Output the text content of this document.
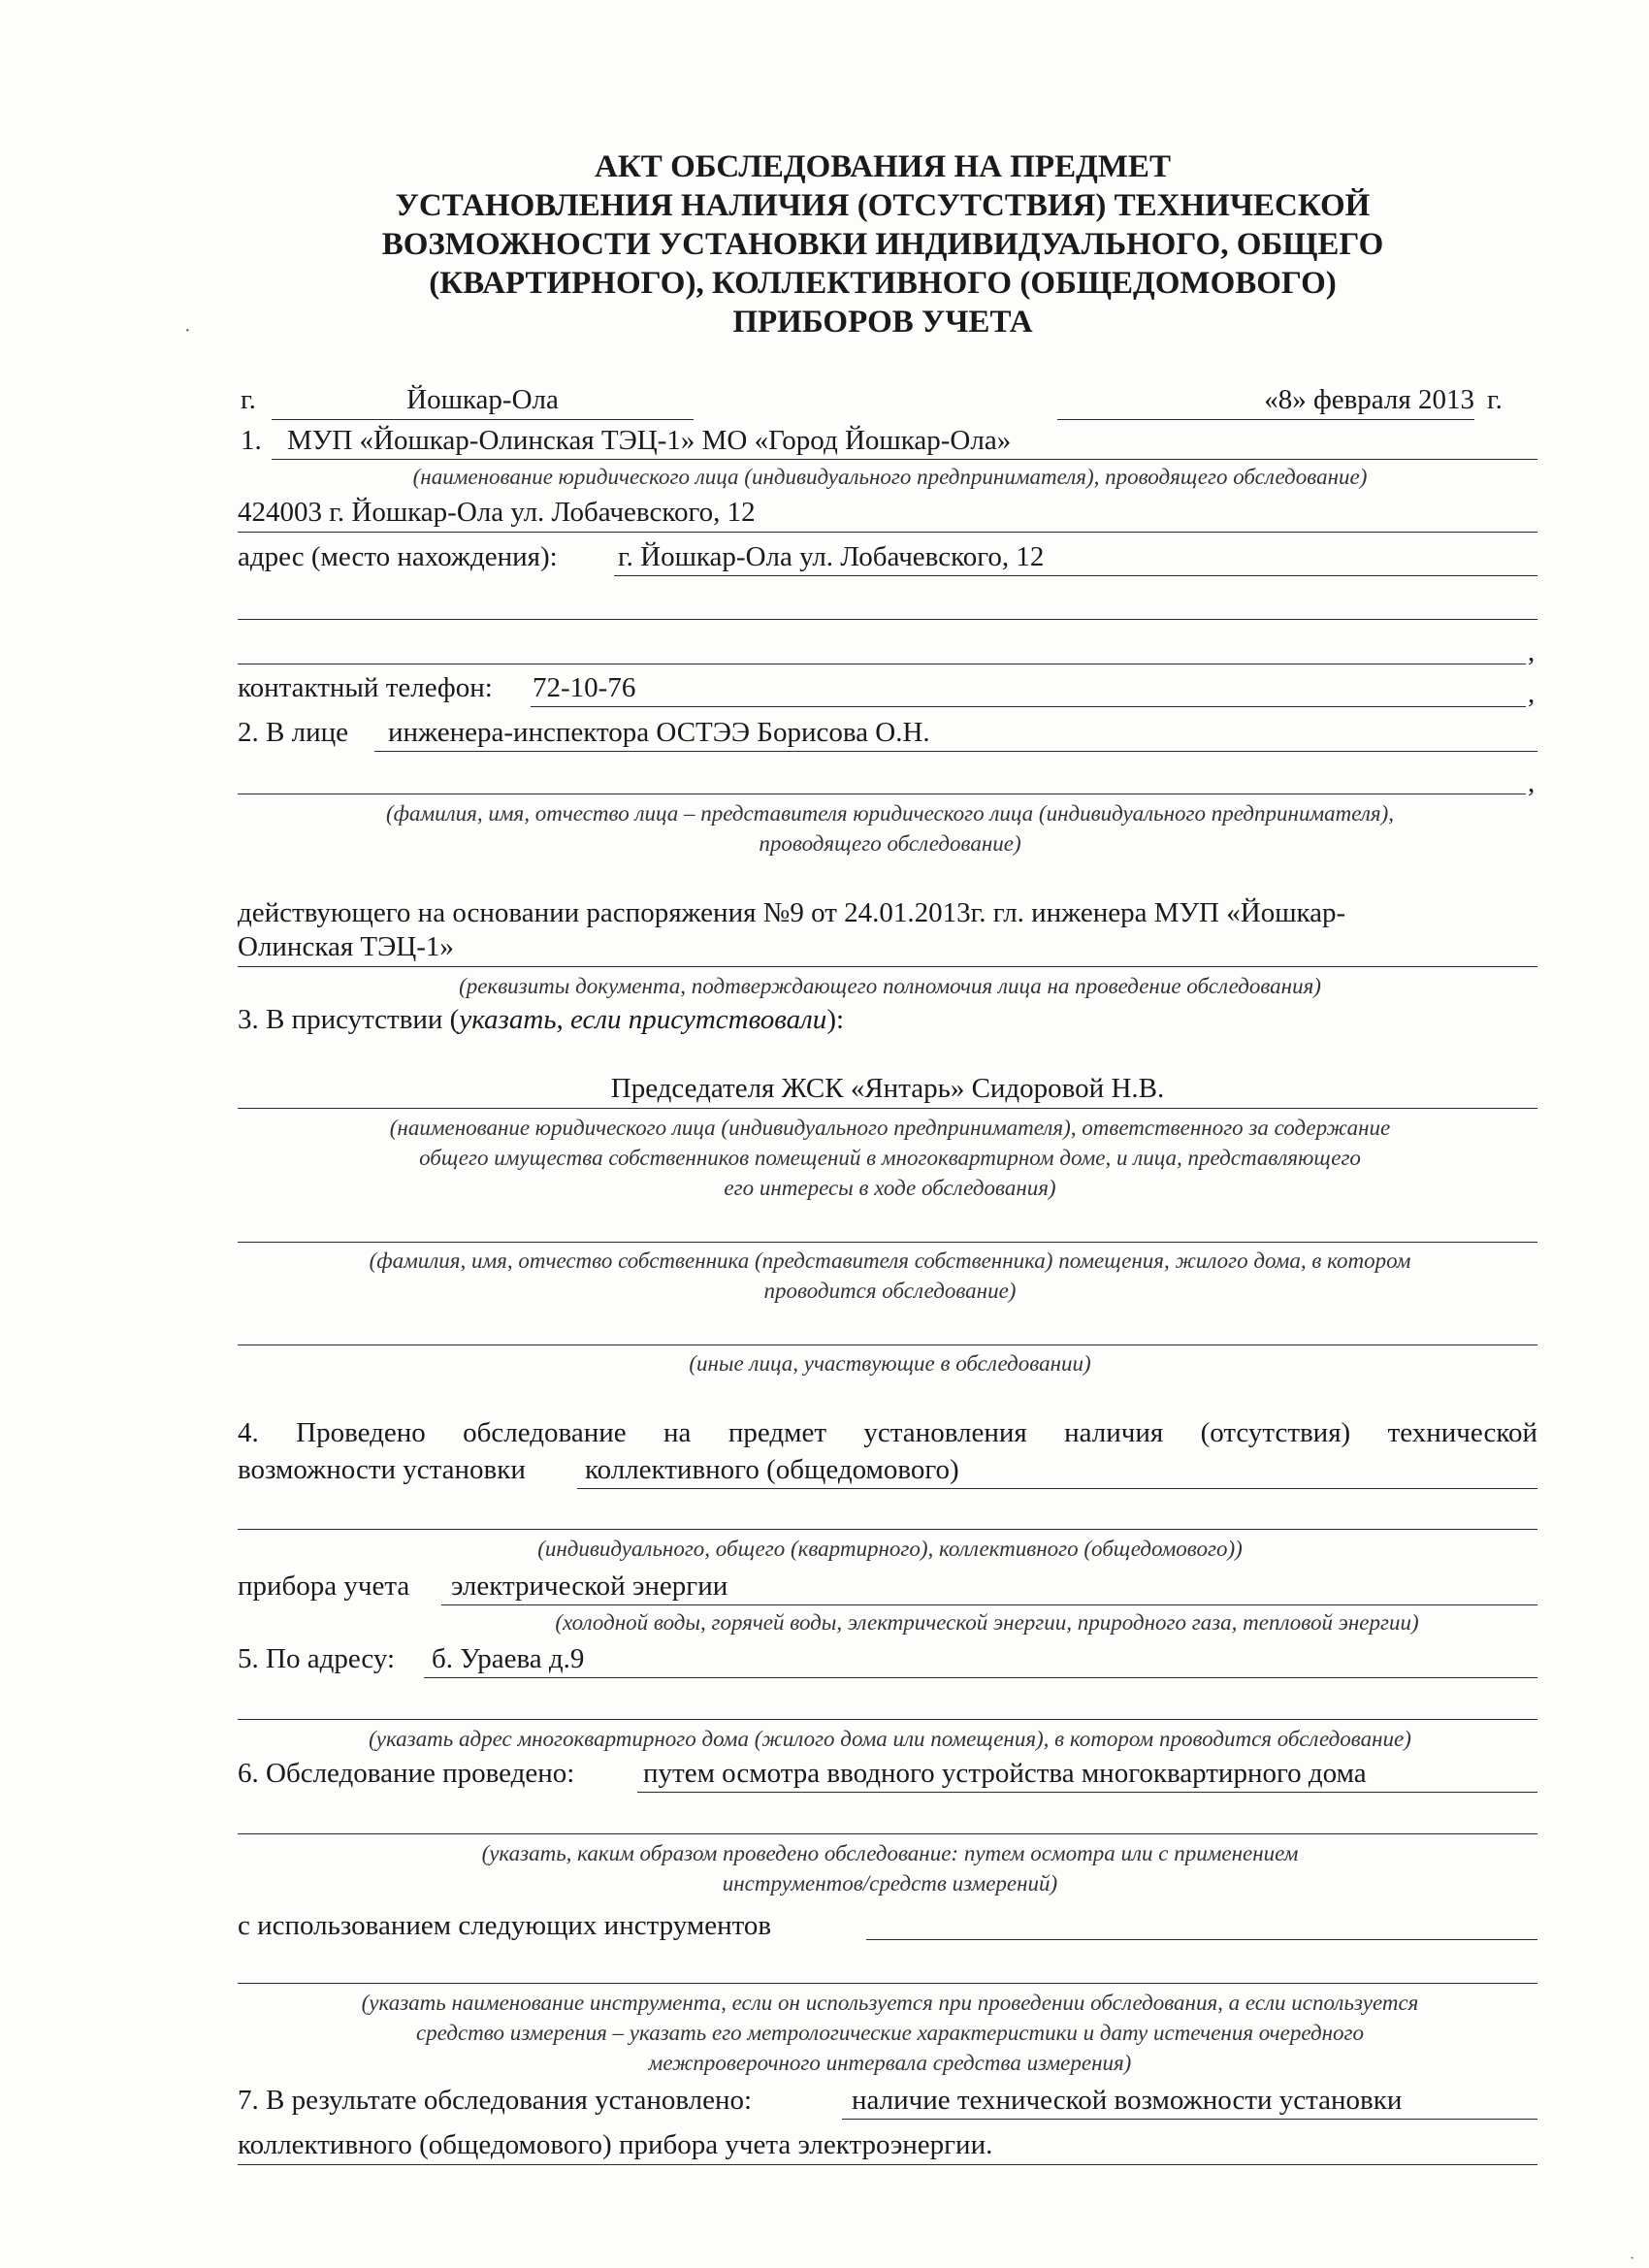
АКТ ОБСЛЕДОВАНИЯ НА ПРЕДМЕТ
УСТАНОВЛЕНИЯ НАЛИЧИЯ (ОТСУТСТВИЯ) ТЕХНИЧЕСКОЙ
ВОЗМОЖНОСТИ УСТАНОВКИ ИНДИВИДУАЛЬНОГО, ОБЩЕГО
(КВАРТИРНОГО), КОЛЛЕКТИВНОГО (ОБЩЕДОМОВОГО)
ПРИБОРОВ УЧЕТА
г.	Йошкар-Ола	«8» февраля 2013 г.
1. МУП «Йошкар-Олинская ТЭЦ-1» МО «Город Йошкар-Ола»
(наименование юридического лица (индивидуального предпринимателя), проводящего обследование)
424003 г. Йошкар-Ола ул. Лобачевского, 12
адрес (место нахождения): г. Йошкар-Ола ул. Лобачевского, 12
,
контактный телефон: 72-10-76	,
2. В лице	инженера-инспектора ОСТЭЭ Борисова О.Н.
,
(фамилия, имя, отчество лица – представителя юридического лица (индивидуального предпринимателя),
проводящего обследование)
действующего на основании распоряжения №9 от 24.01.2013г. гл. инженера МУП «Йошкар-
Олинская ТЭЦ-1»
(реквизиты документа, подтверждающего полномочия лица на проведение обследования)
3. В присутствии (указать, если присутствовали):
Председателя ЖСК «Янтарь» Сидоровой Н.В.
(наименование юридического лица (индивидуального предпринимателя), ответственного за содержание
общего имущества собственников помещений в многоквартирном доме, и лица, представляющего
его интересы в ходе обследования)
(фамилия, имя, отчество собственника (представителя собственника) помещения, жилого дома, в котором
проводится обследование)
(иные лица, участвующие в обследовании)
4. Проведено обследование на предмет установления наличия (отсутствия) технической
возможности установки коллективного (общедомового)
(индивидуального, общего (квартирного), коллективного (общедомового))
прибора учета	электрической энергии
(холодной воды, горячей воды, электрической энергии, природного газа, тепловой энергии)
5. По адресу: б. Ураева д.9
(указать адрес многоквартирного дома (жилого дома или помещения), в котором проводится обследование)
6. Обследование проведено: путем осмотра вводного устройства многоквартирного дома
(указать, каким образом проведено обследование: путем осмотра или с применением
инструментов/средств измерений)
с использованием следующих инструментов
(указать наименование инструмента, если он используется при проведении обследования, а если используется
средство измерения – указать его метрологические характеристики и дату истечения очередного
межпроверочного интервала средства измерения)
7. В результате обследования установлено:	наличие технической возможности установки
коллективного (общедомового) прибора учета электроэнергии.
·
·
